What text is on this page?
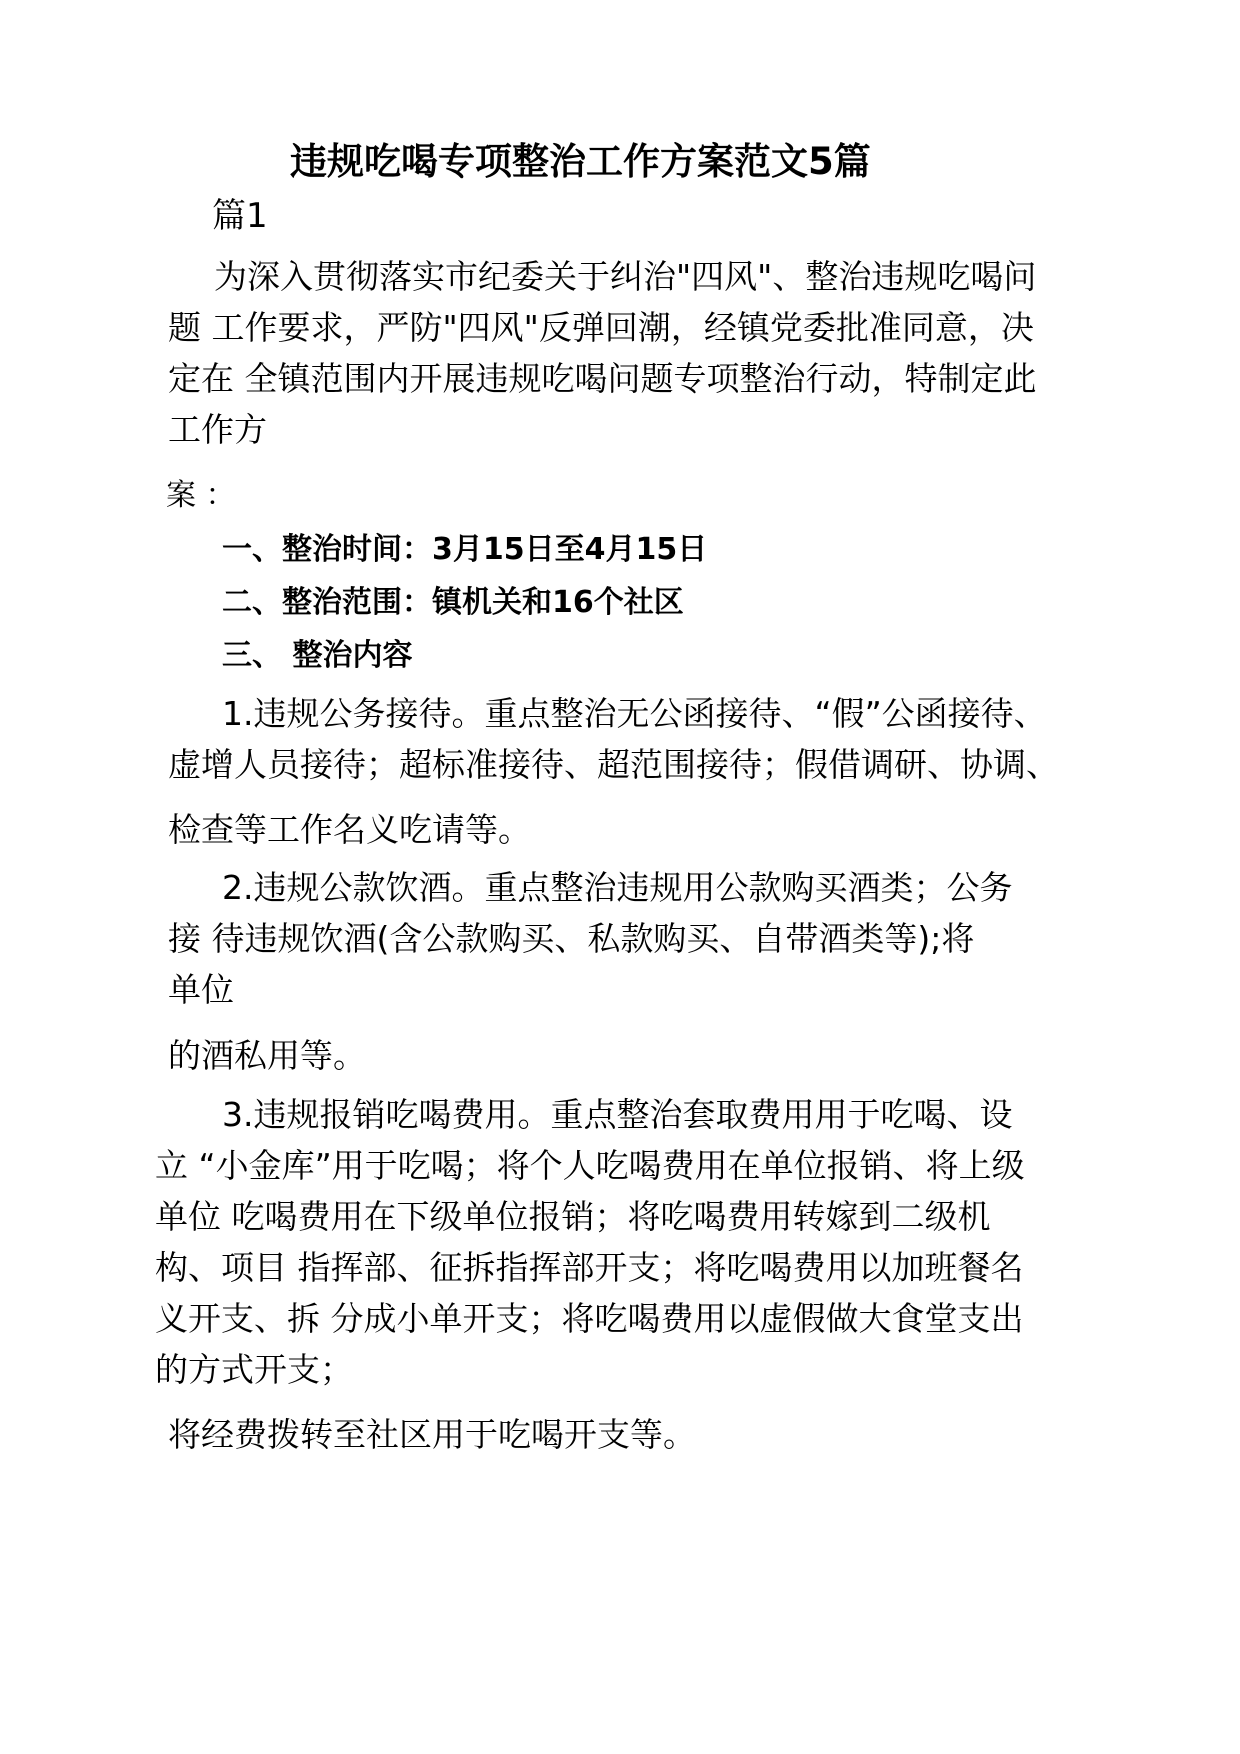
违规吃喝专项整治工作方案范文5篇
篇1
为深入贯彻落实市纪委关于纠治"四风"、整治违规吃喝问
题 工作要求，严防"四风"反弹回潮，经镇党委批准同意，决
定在 全镇范围内开展违规吃喝问题专项整治行动，特制定此
工作方
案 ：
一、整治时间：3月15日至4月15日
二、整治范围：镇机关和16个社区
三、 整治内容
1.违规公务接待。重点整治无公函接待、“假”公函接待、
虚增人员接待；超标准接待、超范围接待；假借调研、协调、
检查等工作名义吃请等。
2.违规公款饮酒。重点整治违规用公款购买酒类；公务
接 待违规饮酒(含公款购买、私款购买、自带酒类等);将
单位
的酒私用等。
3.违规报销吃喝费用。重点整治套取费用用于吃喝、设
立 “小金库”用于吃喝；将个人吃喝费用在单位报销、将上级
单位 吃喝费用在下级单位报销；将吃喝费用转嫁到二级机
构、项目 指挥部、征拆指挥部开支；将吃喝费用以加班餐名
义开支、拆 分成小单开支；将吃喝费用以虚假做大食堂支出
的方式开支；
将经费拨转至社区用于吃喝开支等。
